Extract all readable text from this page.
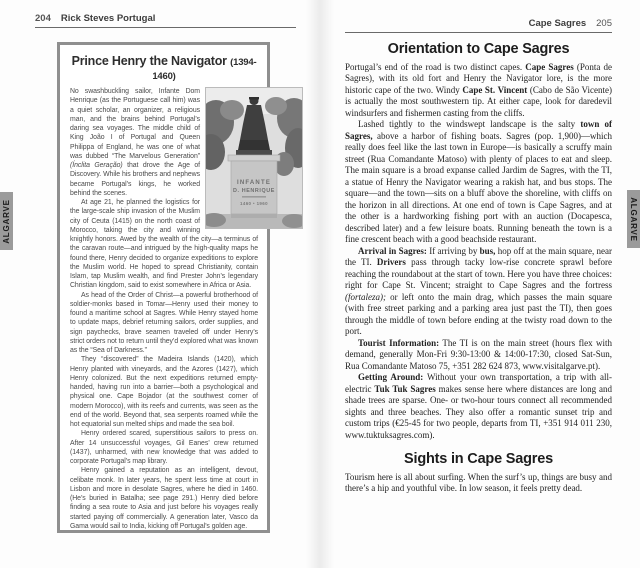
204 Rick Steves Portugal	Cape Sagres 205
ALGARVE	ALGARVE
Prince Henry the Navigator (1394-1460)
INFANTE
D. HENRIQUE
1460 • 1960

No swashbuckling sailor, Infante Dom Henrique (as the Portuguese call him) was a quiet scholar, an organizer, a religious man, and the brains behind Portugal’s daring sea voyages. The middle child of King João I of Portugal and Queen Philippa of England, he was one of what was dubbed “The Marvelous Generation” (Ínclita Geração) that drove the Age of Discovery. While his brothers and nephews became Portugal’s kings, he worked behind the scenes.

At age 21, he planned the logistics for the large-scale ship invasion of the Muslim city of Ceuta (1415) on the north coast of Morocco, taking the city and winning knightly honors. Awed by the wealth of the city—a terminus of the caravan route—and intrigued by the high-quality maps he found there, Henry decided to organize expeditions to explore the Muslim world. He hoped to spread Christianity, contain Islam, tap Muslim wealth, and find Prester John’s legendary Christian kingdom, said to exist somewhere in Africa or Asia.

As head of the Order of Christ—a powerful brotherhood of soldier-monks based in Tomar—Henry used their money to found a maritime school at Sagres. While Henry stayed home to update maps, debrief returning sailors, order supplies, and sign paychecks, brave seamen traveled off under Henry’s strict orders not to return until they’d explored what was known as the “Sea of Darkness.”

They “discovered” the Madeira Islands (1420), which Henry planted with vineyards, and the Azores (1427), which Henry colonized. But the next expeditions returned empty-handed, having run into a barrier—both a psychological and physical one. Cape Bojador (at the southwest corner of modern Morocco), with its reefs and currents, was seen as the end of the world. Beyond that, sea serpents roamed while the hot equatorial sun melted ships and made the sea boil.

Henry ordered scared, superstitious sailors to press on. After 14 unsuccessful voyages, Gil Eanes’ crew returned (1437), unharmed, with new knowledge that was added to corporate Portugal’s map library.

Henry gained a reputation as an intelligent, devout, celibate monk. In later years, he spent less time at court in Lisbon and more in desolate Sagres, where he died in 1460. (He’s buried in Batalha; see page 291.) Henry died before finding a sea route to Asia and just before his voyages really started paying off commercially. A generation later, Vasco da Gama would sail to India, kicking off Portugal’s golden age.

Orientation to Cape Sagres

Portugal’s end of the road is two distinct capes. Cape Sagres (Ponta de Sagres), with its old fort and Henry the Navigator lore, is the more historic cape of the two. Windy Cape St. Vincent (Cabo de São Vicente) is actually the most southwestern tip. At either cape, look for daredevil windsurfers and fishermen casting from the cliffs.

Lashed tightly to the windswept landscape is the salty town of Sagres, above a harbor of fishing boats. Sagres (pop. 1,900)—which really does feel like the last town in Europe—is basically a scruffy main street (Rua Comandante Matoso) with plenty of places to eat and sleep. The main square is a broad expanse called Jardim de Sagres, with the TI, a statue of Henry the Navigator wearing a rakish hat, and bus stops. The square—and the town—sits on a bluff above the shoreline, with cliffs on the horizon in all directions. At one end of town is Cape Sagres, and at the other is a hardworking fishing port with an auction (Docapesca, described later) and a few leisure boats. Running beneath the town is a fine crescent beach with a good beachside restaurant.

Arrival in Sagres: If arriving by bus, hop off at the main square, near the TI. Drivers pass through tacky low-rise concrete sprawl before reaching the roundabout at the start of town. Here you have three choices: right for Cape St. Vincent; straight to Cape Sagres and the fortress (fortaleza); or left onto the main drag, which passes the main square (with free street parking and a parking area just past the TI), then goes through the middle of town before ending at the twisty road down to the port.

Tourist Information: The TI is on the main street (hours flex with demand, generally Mon-Fri 9:30-13:00 & 14:00-17:30, closed Sat-Sun, Rua Comandante Matoso 75, +351 282 624 873, www.visitalgarve.pt).

Getting Around: Without your own transportation, a trip with all-electric Tuk Tuk Sagres makes sense here where distances are long and shade trees are sparse. One- or two-hour tours connect all recommended sights and three beaches. They also offer a romantic sunset trip and custom trips (€25-45 for two people, departs from TI, +351 914 011 230, www.tuktuksagres.com).

Sights in Cape Sagres

Tourism here is all about surfing. When the surf’s up, things are busy and there’s a hip and youthful vibe. In low season, it feels pretty dead.
